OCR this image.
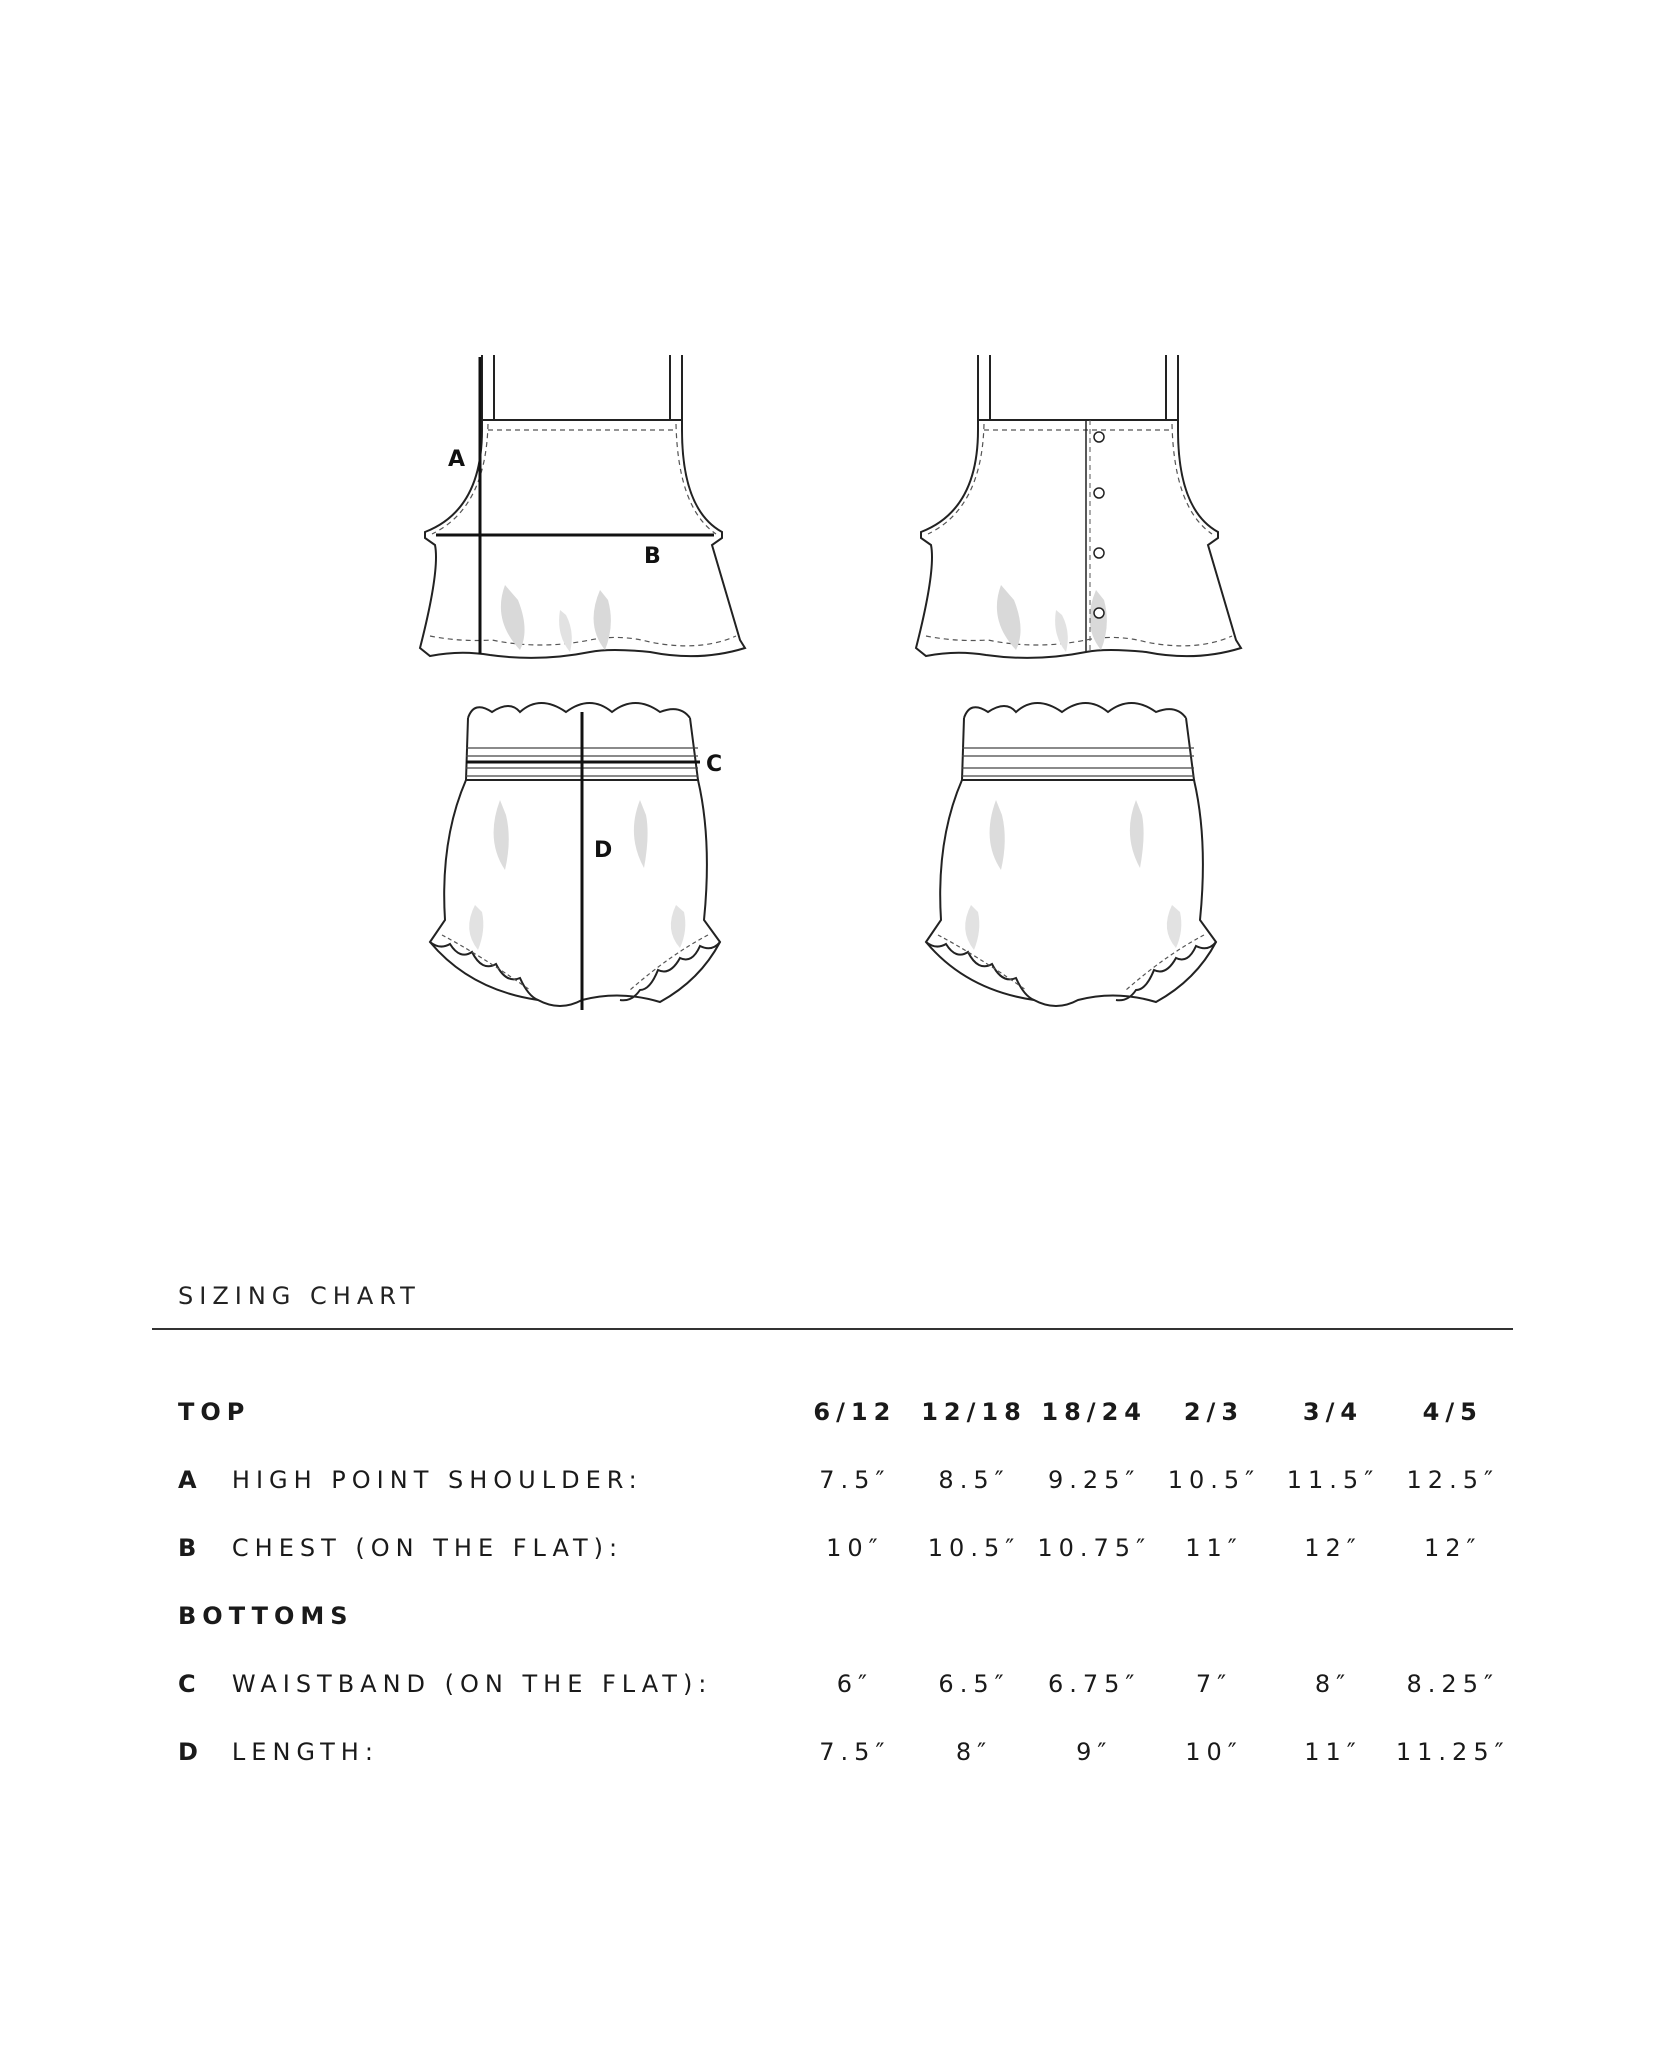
A
B
C
D
SIZING CHART
TOP		6/12	12/18	18/24	2/3	3/4	4/5
A	HIGH POINT SHOULDER:	7.5″	8.5″	9.25″	10.5″	11.5″	12.5″
B	CHEST (ON THE FLAT):	10″	10.5″	10.75″	11″	12″	12″
BOTTOMS							
C	WAISTBAND (ON THE FLAT):	6″	6.5″	6.75″	7″	8″	8.25″
D	LENGTH:	7.5″	8″	9″	10″	11″	11.25″
